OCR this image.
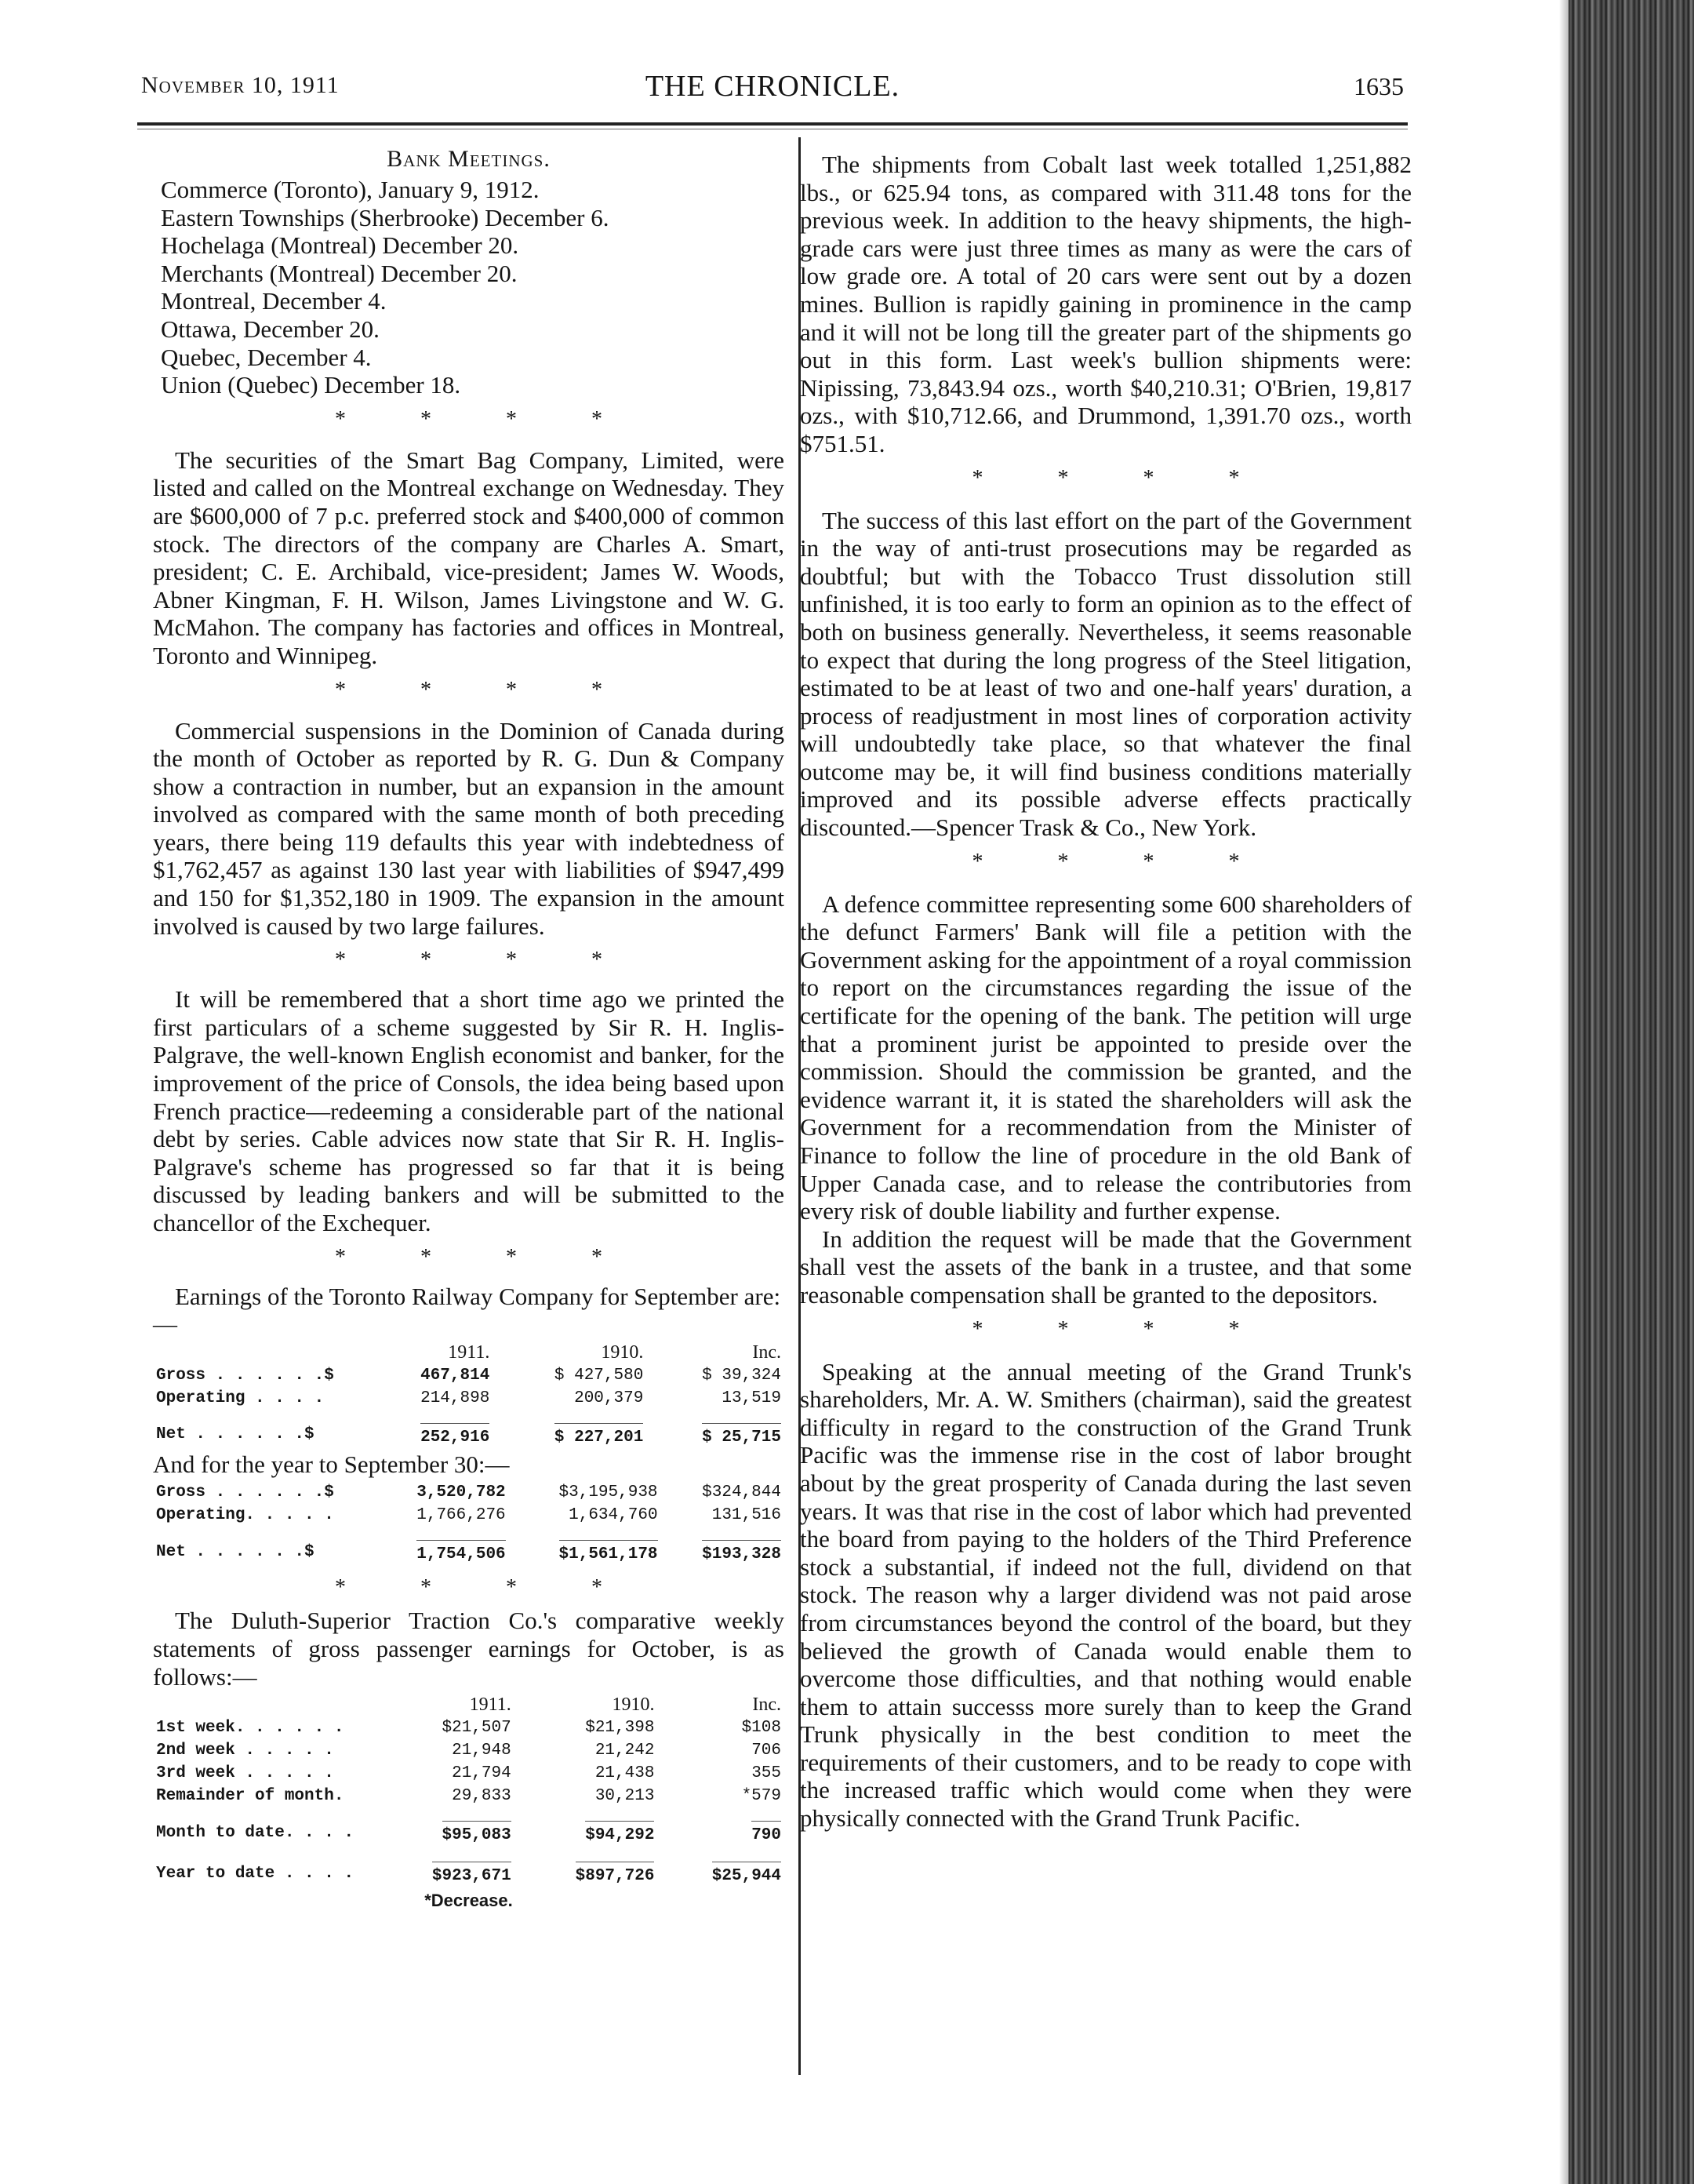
November 10, 1911	THE CHRONICLE.	1635
Bank Meetings.

Commerce (Toronto), January 9, 1912.

Eastern Townships (Sherbrooke) December 6.

Hochelaga (Montreal) December 20.

Merchants (Montreal) December 20.

Montreal, December 4.

Ottawa, December 20.

Quebec, December 4.

Union (Quebec) December 18.

* * * *

The securities of the Smart Bag Company, Limited, were listed and called on the Montreal exchange on Wednesday. They are $600,000 of 7 p.c. preferred stock and $400,000 of common stock. The directors of the company are Charles A. Smart, president; C. E. Archibald, vice-president; James W. Woods, Abner Kingman, F. H. Wilson, James Livingstone and W. G. McMahon. The company has factories and offices in Montreal, Toronto and Winnipeg.

* * * *

Commercial suspensions in the Dominion of Canada during the month of October as reported by R. G. Dun & Company show a contraction in number, but an expansion in the amount involved as compared with the same month of both preceding years, there being 119 defaults this year with indebtedness of $1,762,457 as against 130 last year with liabilities of $947,499 and 150 for $1,352,180 in 1909. The expansion in the amount involved is caused by two large failures.

* * * *

It will be remembered that a short time ago we printed the first particulars of a scheme suggested by Sir R. H. Inglis-Palgrave, the well-known English economist and banker, for the improvement of the price of Consols, the idea being based upon French practice—redeeming a considerable part of the national debt by series. Cable advices now state that Sir R. H. Inglis-Palgrave's scheme has progressed so far that it is being discussed by leading bankers and will be submitted to the chancellor of the Exchequer.

* * * *

Earnings of the Toronto Railway Company for September are:—

	1911.	1910.	Inc.
Gross . . . . . .$	467,814	$ 427,580	$ 39,324
Operating . . . .	214,898	200,379	13,519
Net . . . . . .$	252,916	$ 227,201	$ 25,715

And for the year to September 30:—

Gross . . . . . .$	3,520,782	$3,195,938	$324,844
Operating. . . . .	1,766,276	1,634,760	131,516
Net . . . . . .$	1,754,506	$1,561,178	$193,328
* * * *

The Duluth-Superior Traction Co.'s comparative weekly statements of gross passenger earnings for October, is as follows:—

	1911.	1910.	Inc.
1st week. . . . . .	$21,507	$21,398	$108
2nd week . . . . .	21,948	21,242	706
3rd week . . . . .	21,794	21,438	355
Remainder of month.	29,833	30,213	*579
Month to date. . . .	$95,083	$94,292	790
Year to date . . . .	$923,671	$897,726	$25,944
*Decrease.

The shipments from Cobalt last week totalled 1,251,882 lbs., or 625.94 tons, as compared with 311.48 tons for the previous week. In addition to the heavy shipments, the high-grade cars were just three times as many as were the cars of low grade ore. A total of 20 cars were sent out by a dozen mines. Bullion is rapidly gaining in prominence in the camp and it will not be long till the greater part of the shipments go out in this form. Last week's bullion shipments were: Nipissing, 73,843.94 ozs., worth $40,210.31; O'Brien, 19,817 ozs., with $10,712.66, and Drummond, 1,391.70 ozs., worth $751.51.

* * * *

The success of this last effort on the part of the Government in the way of anti-trust prosecutions may be regarded as doubtful; but with the Tobacco Trust dissolution still unfinished, it is too early to form an opinion as to the effect of both on business generally. Nevertheless, it seems reasonable to expect that during the long progress of the Steel litigation, estimated to be at least of two and one-half years' duration, a process of readjustment in most lines of corporation activity will undoubtedly take place, so that whatever the final outcome may be, it will find business conditions materially improved and its possible adverse effects practically discounted.—Spencer Trask & Co., New York.

* * * *

A defence committee representing some 600 shareholders of the defunct Farmers' Bank will file a petition with the Government asking for the appointment of a royal commission to report on the circumstances regarding the issue of the certificate for the opening of the bank. The petition will urge that a prominent jurist be appointed to preside over the commission. Should the commission be granted, and the evidence warrant it, it is stated the shareholders will ask the Government for a recommendation from the Minister of Finance to follow the line of procedure in the old Bank of Upper Canada case, and to release the contributories from every risk of double liability and further expense.

In addition the request will be made that the Government shall vest the assets of the bank in a trustee, and that some reasonable compensation shall be granted to the depositors.

* * * *

Speaking at the annual meeting of the Grand Trunk's shareholders, Mr. A. W. Smithers (chairman), said the greatest difficulty in regard to the construction of the Grand Trunk Pacific was the immense rise in the cost of labor brought about by the great prosperity of Canada during the last seven years. It was that rise in the cost of labor which had prevented the board from paying to the holders of the Third Preference stock a substantial, if indeed not the full, dividend on that stock. The reason why a larger dividend was not paid arose from circumstances beyond the control of the board, but they believed the growth of Canada would enable them to overcome those difficulties, and that nothing would enable them to attain successs more surely than to keep the Grand Trunk physically in the best condition to meet the requirements of their customers, and to be ready to cope with the increased traffic which would come when they were physically connected with the Grand Trunk Pacific.
